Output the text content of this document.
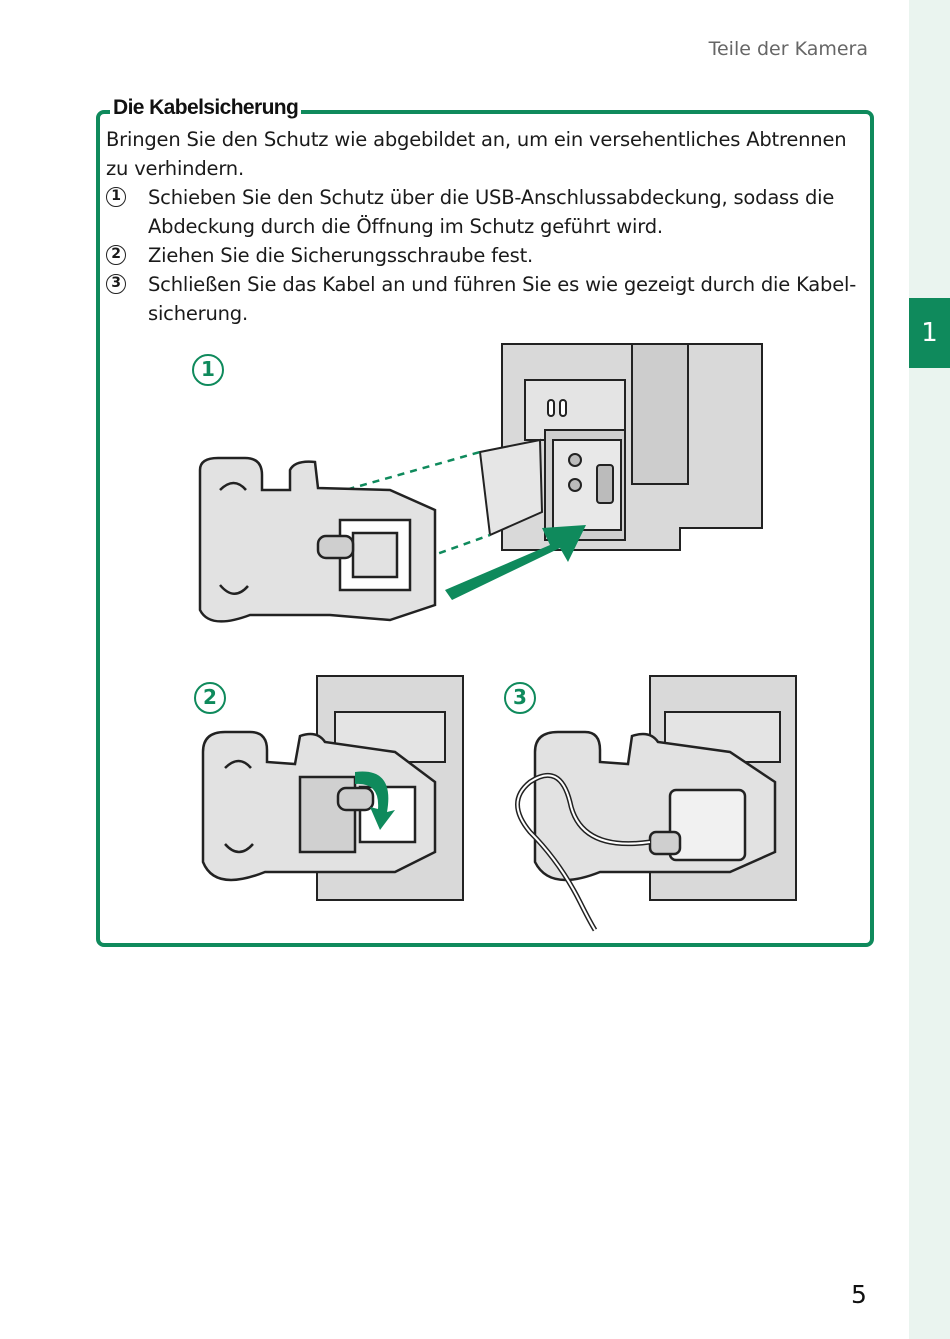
1
Teile der Kamera
Die Kabelsicherung
Bringen Sie den Schutz wie abgebildet an, um ein versehentliches Abtrennen zu verhindern.
1	Schieben Sie den Schutz über die USB-Anschlussabdeckung, sodass die Abdeckung durch die Öffnung im Schutz geführt wird.
2	Ziehen Sie die Sicherungsschraube fest.
3	Schließen Sie das Kabel an und führen Sie es wie gezeigt durch die Kabelsicherung.
1
2	3
5
